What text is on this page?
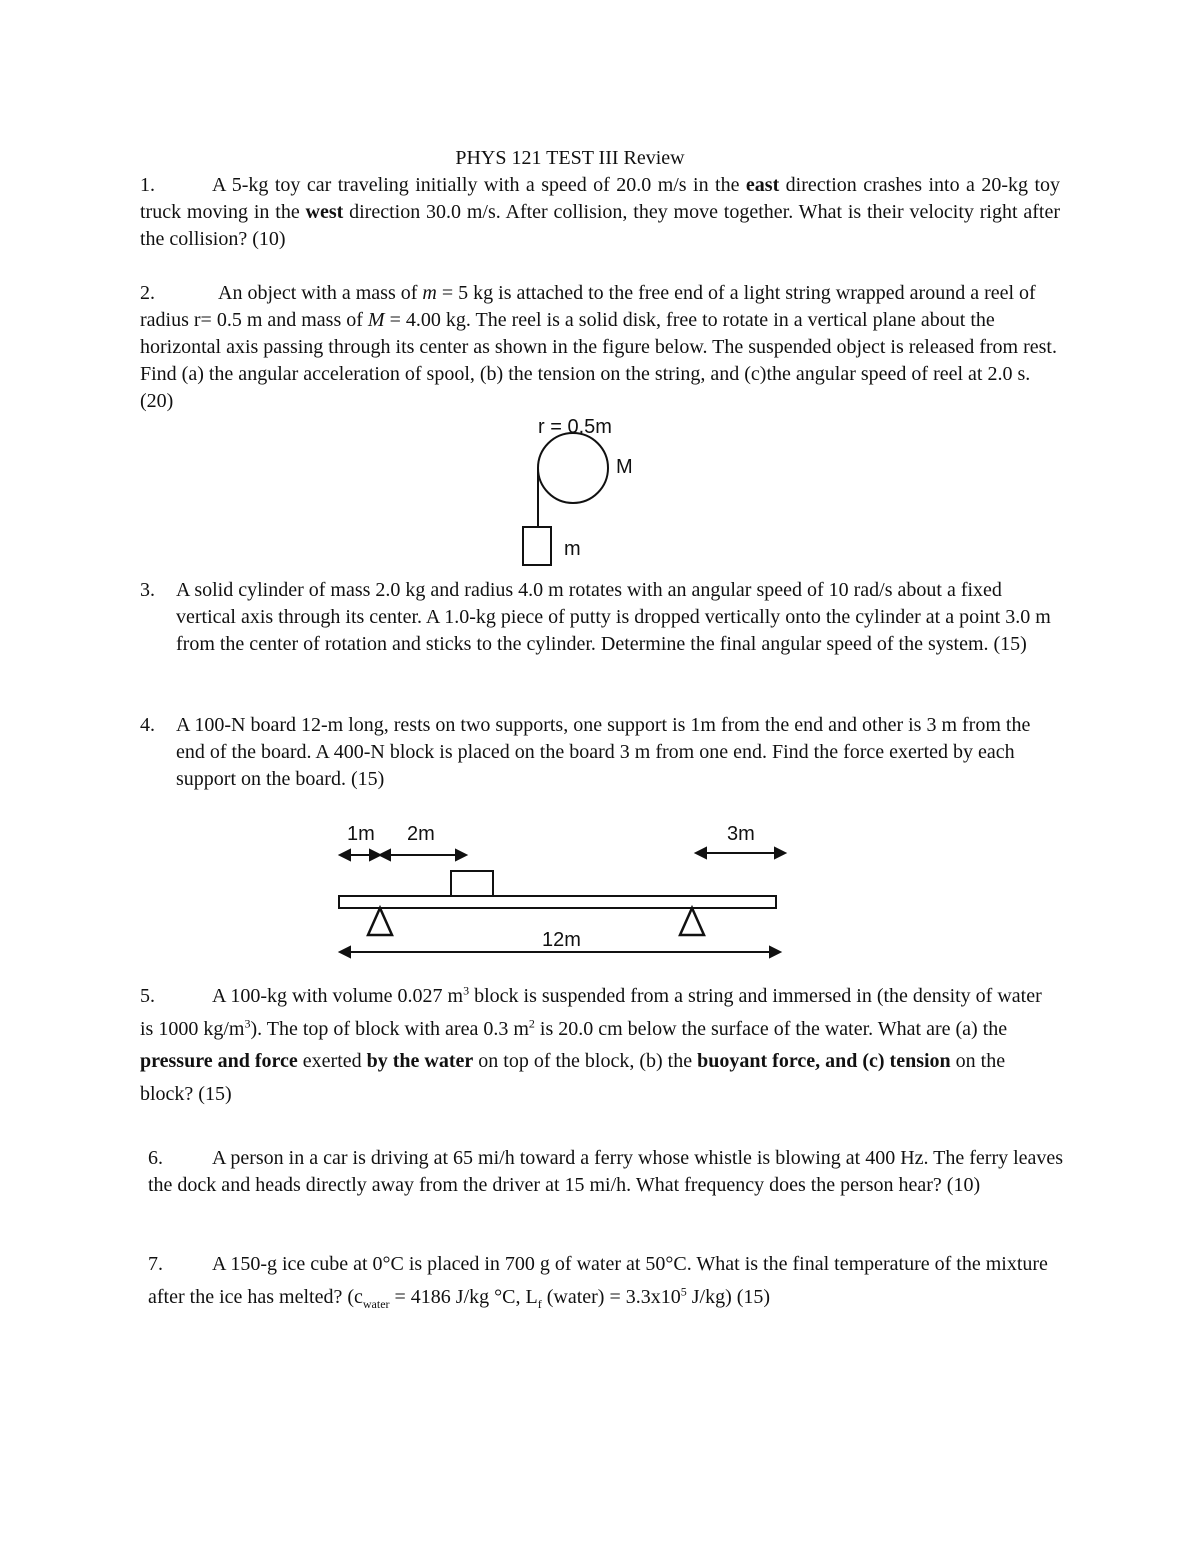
PHYS 121 TEST III Review
1.	A 5-kg toy car traveling initially with a speed of 20.0 m/s in the east direction crashes into a 20-kg toy truck moving in the west direction 30.0 m/s. After collision, they move together. What is their velocity right after the collision? (10)
2.	An object with a mass of m = 5 kg is attached to the free end of a light string wrapped around a reel of radius r= 0.5 m and mass of M = 4.00 kg. The reel is a solid disk, free to rotate in a vertical plane about the horizontal axis passing through its center as shown in the figure below. The suspended object is released from rest. Find (a) the angular acceleration of spool, (b) the tension on the string, and (c)the angular speed of reel at 2.0 s. (20)
r = 0.5m
M
m
1m 2m	3m
12m
3. A solid cylinder of mass 2.0 kg and radius 4.0 m rotates with an angular speed of 10 rad/s about a fixed vertical axis through its center. A 1.0-kg piece of putty is dropped vertically onto the cylinder at a point 3.0 m from the center of rotation and sticks to the cylinder. Determine the final angular speed of the system. (15)
4. A 100-N board 12-m long, rests on two supports, one support is 1m from the end and other is 3 m from the end of the board. A 400-N block is placed on the board 3 m from one end. Find the force exerted by each support on the board. (15)
5.	A 100-kg with volume 0.027 $m^3$ block is suspended from a string and immersed in (the density of water is 1000 $kg/m^3$). The top of block with area 0.3 $m^2$ is 20.0 cm below the surface of the water. What are (a) the pressure and force exerted by the water on top of the block, (b) the buoyant force, and (c) tension on the block? (15)
6. A person in a car is driving at 65 mi/h toward a ferry whose whistle is blowing at 400 Hz. The ferry leaves the dock and heads directly away from the driver at 15 mi/h. What frequency does the person hear? (10)
7. A 150-g ice cube at 0°C is placed in 700 g of water at 50°C. What is the final temperature of the mixture after the ice has melted? ($c_{water} = 4186$ J/kg °C, $L_f$ (water) = $3.3x10^5$ J/kg) (15)
